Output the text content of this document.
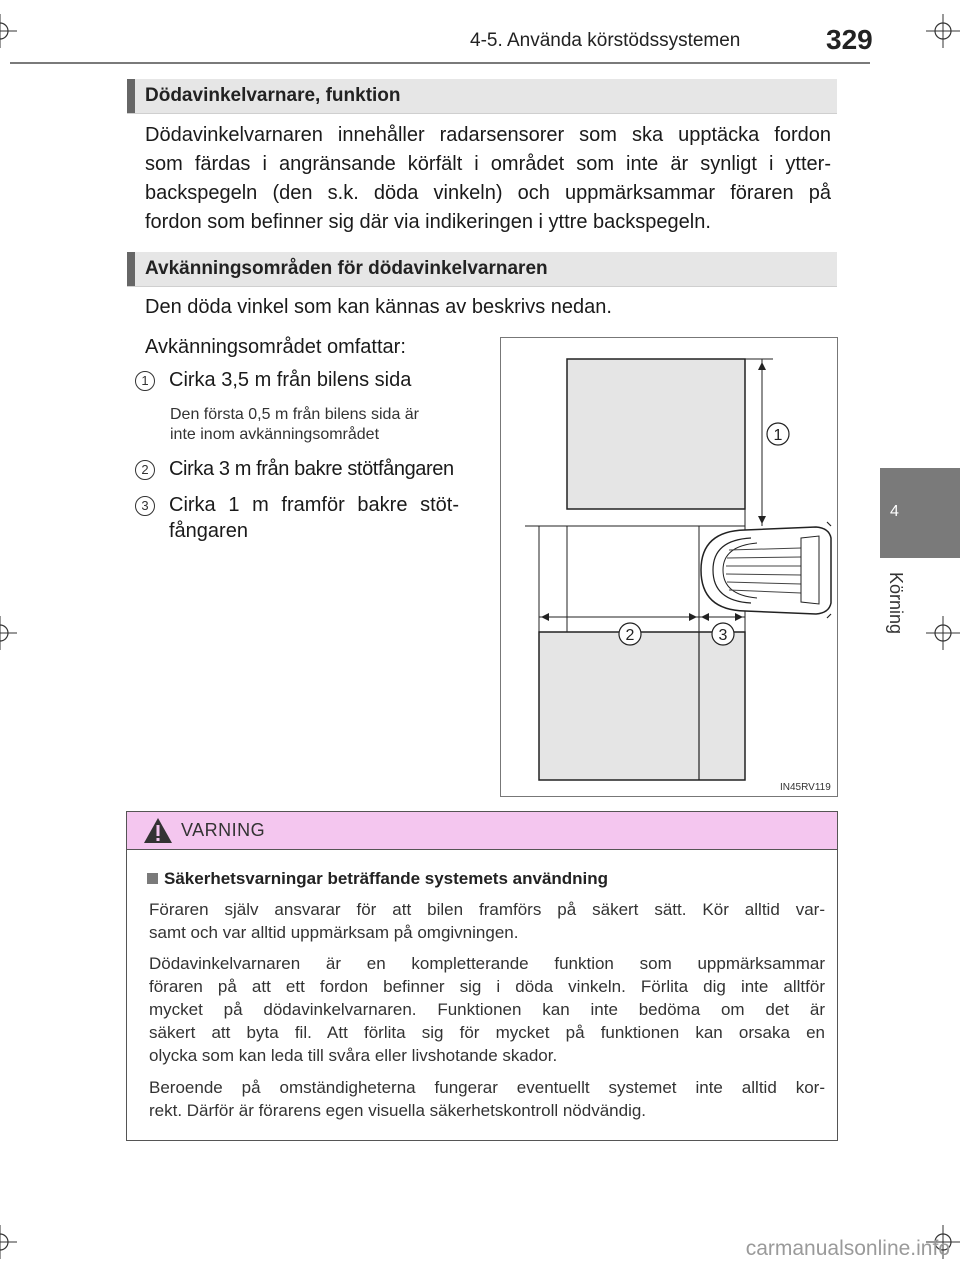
4-5. Använda körstödssystemen	329
4
Körning
Dödavinkelvarnare, funktion
Dödavinkelvarnaren innehåller radarsensorer som ska upptäcka fordon
som färdas i angränsande körfält i området som inte är synligt i ytter-
backspegeln (den s.k. döda vinkeln) och uppmärksammar föraren på
fordon som befinner sig där via indikeringen i yttre backspegeln.
Avkänningsområden för dödavinkelvarnaren
Den döda vinkel som kan kännas av beskrivs nedan.
Avkänningsområdet omfattar:
1	Cirka 3,5 m från bilens sida
Den första 0,5 m från bilens sida är
inte inom avkänningsområdet
2	Cirka 3 m från bakre stötfångaren
3	Cirka 1 m framför bakre stöt-
fångaren
1
2	3
IN45RV119
VARNING
Säkerhetsvarningar beträffande systemets användning
Föraren själv ansvarar för att bilen framförs på säkert sätt. Kör alltid var-
samt och var alltid uppmärksam på omgivningen.
Dödavinkelvarnaren är en kompletterande funktion som uppmärksammar
föraren på att ett fordon befinner sig i döda vinkeln. Förlita dig inte alltför
mycket på dödavinkelvarnaren. Funktionen kan inte bedöma om det är
säkert att byta fil. Att förlita sig för mycket på funktionen kan orsaka en
olycka som kan leda till svåra eller livshotande skador.
Beroende på omständigheterna fungerar eventuellt systemet inte alltid kor-
rekt. Därför är förarens egen visuella säkerhetskontroll nödvändig.
carmanualsonline.info
